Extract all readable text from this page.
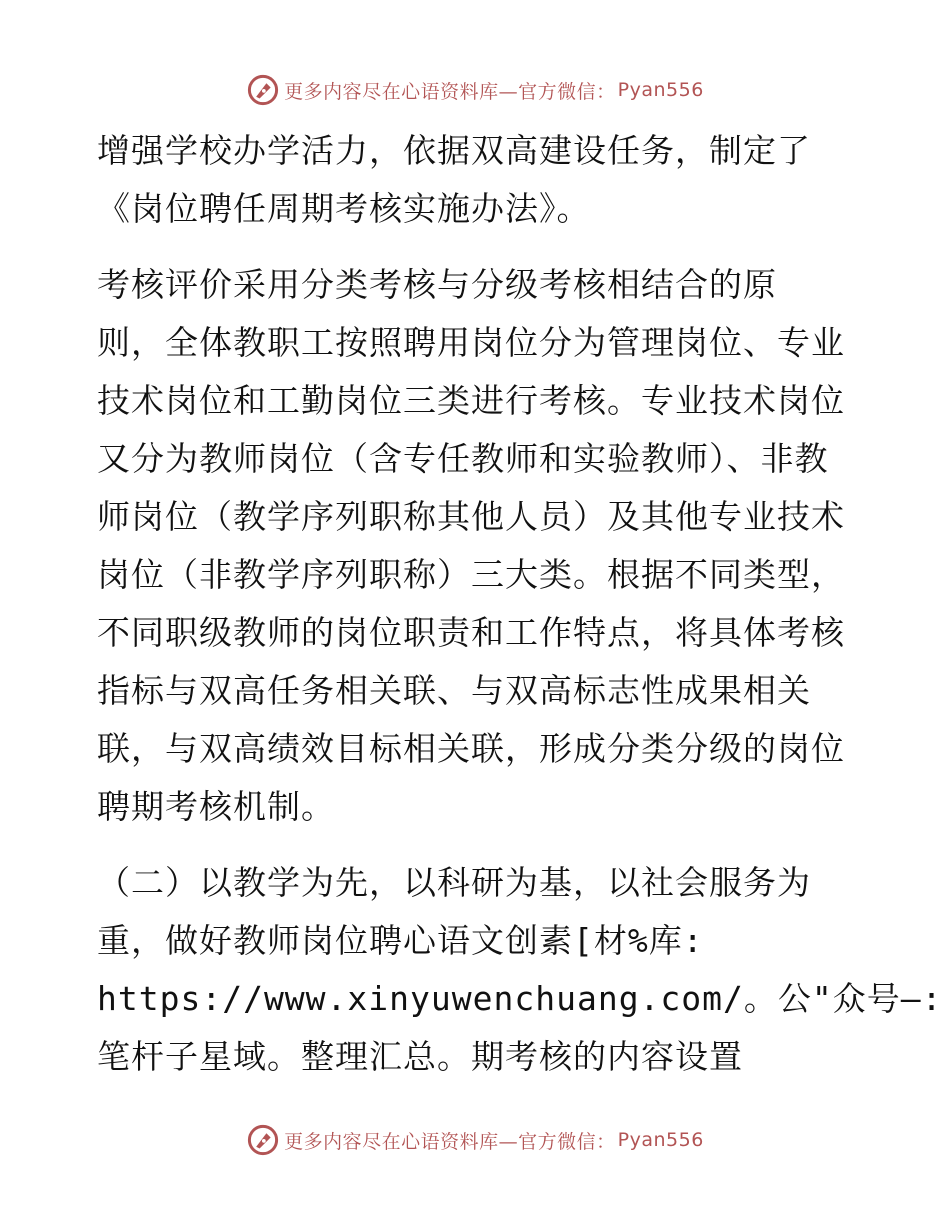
更多内容尽在心语资料库—官方微信： Pyan556

增强学校办学活力，依据双高建设任务，制定了
《岗位聘任周期考核实施办法》。

考核评价采用分类考核与分级考核相结合的原
则，全体教职工按照聘用岗位分为管理岗位、专业
技术岗位和工勤岗位三类进行考核。专业技术岗位
又分为教师岗位（含专任教师和实验教师）、非教
师岗位（教学序列职称其他人员）及其他专业技术
岗位（非教学序列职称）三大类。根据不同类型，
不同职级教师的岗位职责和工作特点，将具体考核
指标与双高任务相关联、与双高标志性成果相关
联，与双高绩效目标相关联，形成分类分级的岗位
聘期考核机制。

（二）以教学为先，以科研为基，以社会服务为
重，做好教师岗位聘心语文创素[材%库:
https://www.xinyuwenchuang.com/。公"众号—:
笔杆子星域。整理汇总。期考核的内容设置

更多内容尽在心语资料库—官方微信： Pyan556
